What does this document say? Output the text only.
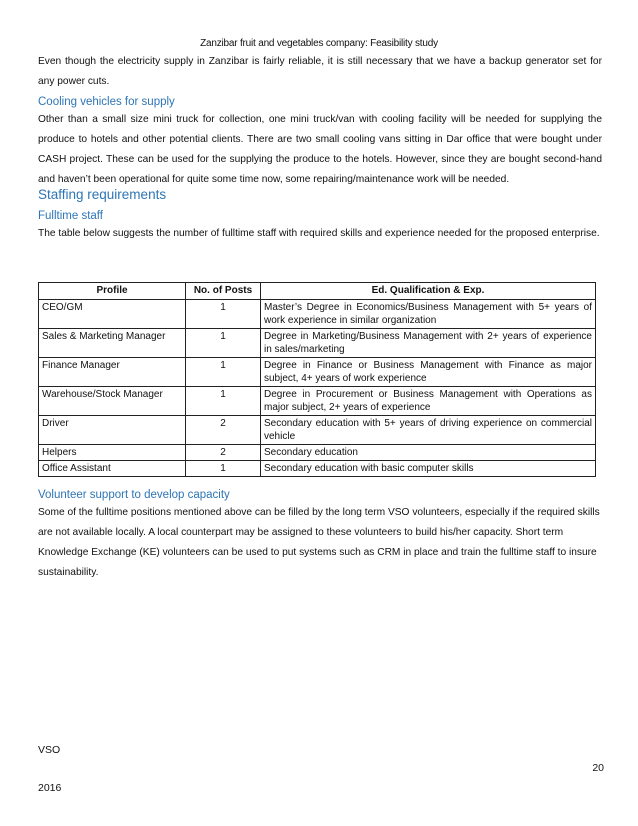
Zanzibar fruit and vegetables company: Feasibility study

Even though the electricity supply in Zanzibar is fairly reliable, it is still necessary that we have a backup generator set for any power cuts.

Cooling vehicles for supply

Other than a small size mini truck for collection, one mini truck/van with cooling facility will be needed for supplying the produce to hotels and other potential clients. There are two small cooling vans sitting in Dar office that were bought under CASH project. These can be used for the supplying the produce to the hotels. However, since they are bought second-hand and haven’t been operational for quite some time now, some repairing/maintenance work will be needed.

Staffing requirements

Fulltime staff

The table below suggests the number of fulltime staff with required skills and experience needed for the proposed enterprise.

Profile	No. of Posts	Ed. Qualification & Exp.
CEO/GM	1	Master’s Degree in Economics/Business Management with 5+ years of work experience in similar organization
Sales & Marketing Manager	1	Degree in Marketing/Business Management with 2+ years of experience in sales/marketing
Finance Manager	1	Degree in Finance or Business Management with Finance as major subject, 4+ years of work experience
Warehouse/Stock Manager	1	Degree in Procurement or Business Management with Operations as major subject, 2+ years of experience
Driver	2	Secondary education with 5+ years of driving experience on commercial vehicle
Helpers	2	Secondary education
Office Assistant	1	Secondary education with basic computer skills

Volunteer support to develop capacity

Some of the fulltime positions mentioned above can be filled by the long term VSO volunteers, especially if the required skills are not available locally. A local counterpart may be assigned to these volunteers to build his/her capacity. Short term Knowledge Exchange (KE) volunteers can be used to put systems such as CRM in place and train the fulltime staff to insure sustainability.

VSO

20

2016
